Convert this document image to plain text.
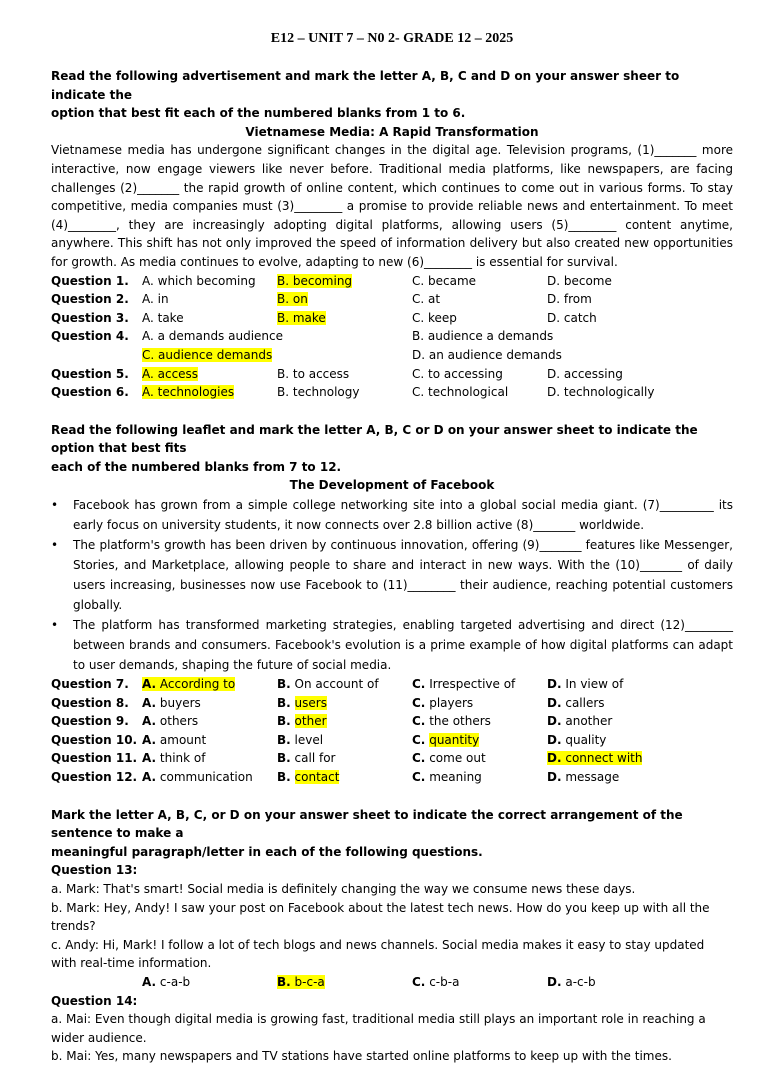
E12 – UNIT 7 – N0 2- GRADE 12 – 2025
Read the following advertisement and mark the letter A, B, C and D on your answer sheer to indicate the
option that best fit each of the numbered blanks from 1 to 6.
Vietnamese Media: A Rapid Transformation
Vietnamese media has undergone significant changes in the digital age. Television programs, (1)_______ more interactive, now engage viewers like never before. Traditional media platforms, like newspapers, are facing challenges (2)_______ the rapid growth of online content, which continues to come out in various forms. To stay competitive, media companies must (3)________ a promise to provide reliable news and entertainment. To meet (4)________, they are increasingly adopting digital platforms, allowing users (5)________ content anytime, anywhere. This shift has not only improved the speed of information delivery but also created new opportunities for growth. As media continues to evolve, adapting to new (6)________ is essential for survival.
Question 1.	A. which becoming	B. becoming	C. became	D. become
Question 2.	A. in	B. on	C. at	D. from
Question 3.	A. take	B. make	C. keep	D. catch
Question 4.	A. a demands audience	B. audience a demands
C. audience demands	D. an audience demands
Question 5.	A. access	B. to access	C. to accessing	D. accessing
Question 6.	A. technologies	B. technology	C. technological	D. technologically
Read the following leaflet and mark the letter A, B, C or D on your answer sheet to indicate the option that best fits
each of the numbered blanks from 7 to 12.
The Development of Facebook
• Facebook has grown from a simple college networking site into a global social media giant. (7)_________ its early focus on university students, it now connects over 2.8 billion active (8)_______ worldwide.
• The platform's growth has been driven by continuous innovation, offering (9)_______ features like Messenger, Stories, and Marketplace, allowing people to share and interact in new ways. With the (10)_______ of daily users increasing, businesses now use Facebook to (11)________ their audience, reaching potential customers globally.
• The platform has transformed marketing strategies, enabling targeted advertising and direct (12)________ between brands and consumers. Facebook's evolution is a prime example of how digital platforms can adapt to user demands, shaping the future of social media.
Question 7.	A. According to	B. On account of	C. Irrespective of	D. In view of
Question 8.	A. buyers	B. users	C. players	D. callers
Question 9.	A. others	B. other	C. the others	D. another
Question 10. A. amount	B. level	C. quantity	D. quality
Question 11. A. think of	B. call for	C. come out	D. connect with
Question 12. A. communication	B. contact	C. meaning	D. message
Mark the letter A, B, C, or D on your answer sheet to indicate the correct arrangement of the sentence to make a
meaningful paragraph/letter in each of the following questions.
Question 13:
a. Mark: That's smart! Social media is definitely changing the way we consume news these days.
b. Mark: Hey, Andy! I saw your post on Facebook about the latest tech news. How do you keep up with all the trends?
c. Andy: Hi, Mark! I follow a lot of tech blogs and news channels. Social media makes it easy to stay updated with real-time information.
A. c-a-b	B. b-c-a	C. c-b-a	D. a-c-b
Question 14:
a. Mai: Even though digital media is growing fast, traditional media still plays an important role in reaching a wider audience.
b. Mai: Yes, many newspapers and TV stations have started online platforms to keep up with the times.
